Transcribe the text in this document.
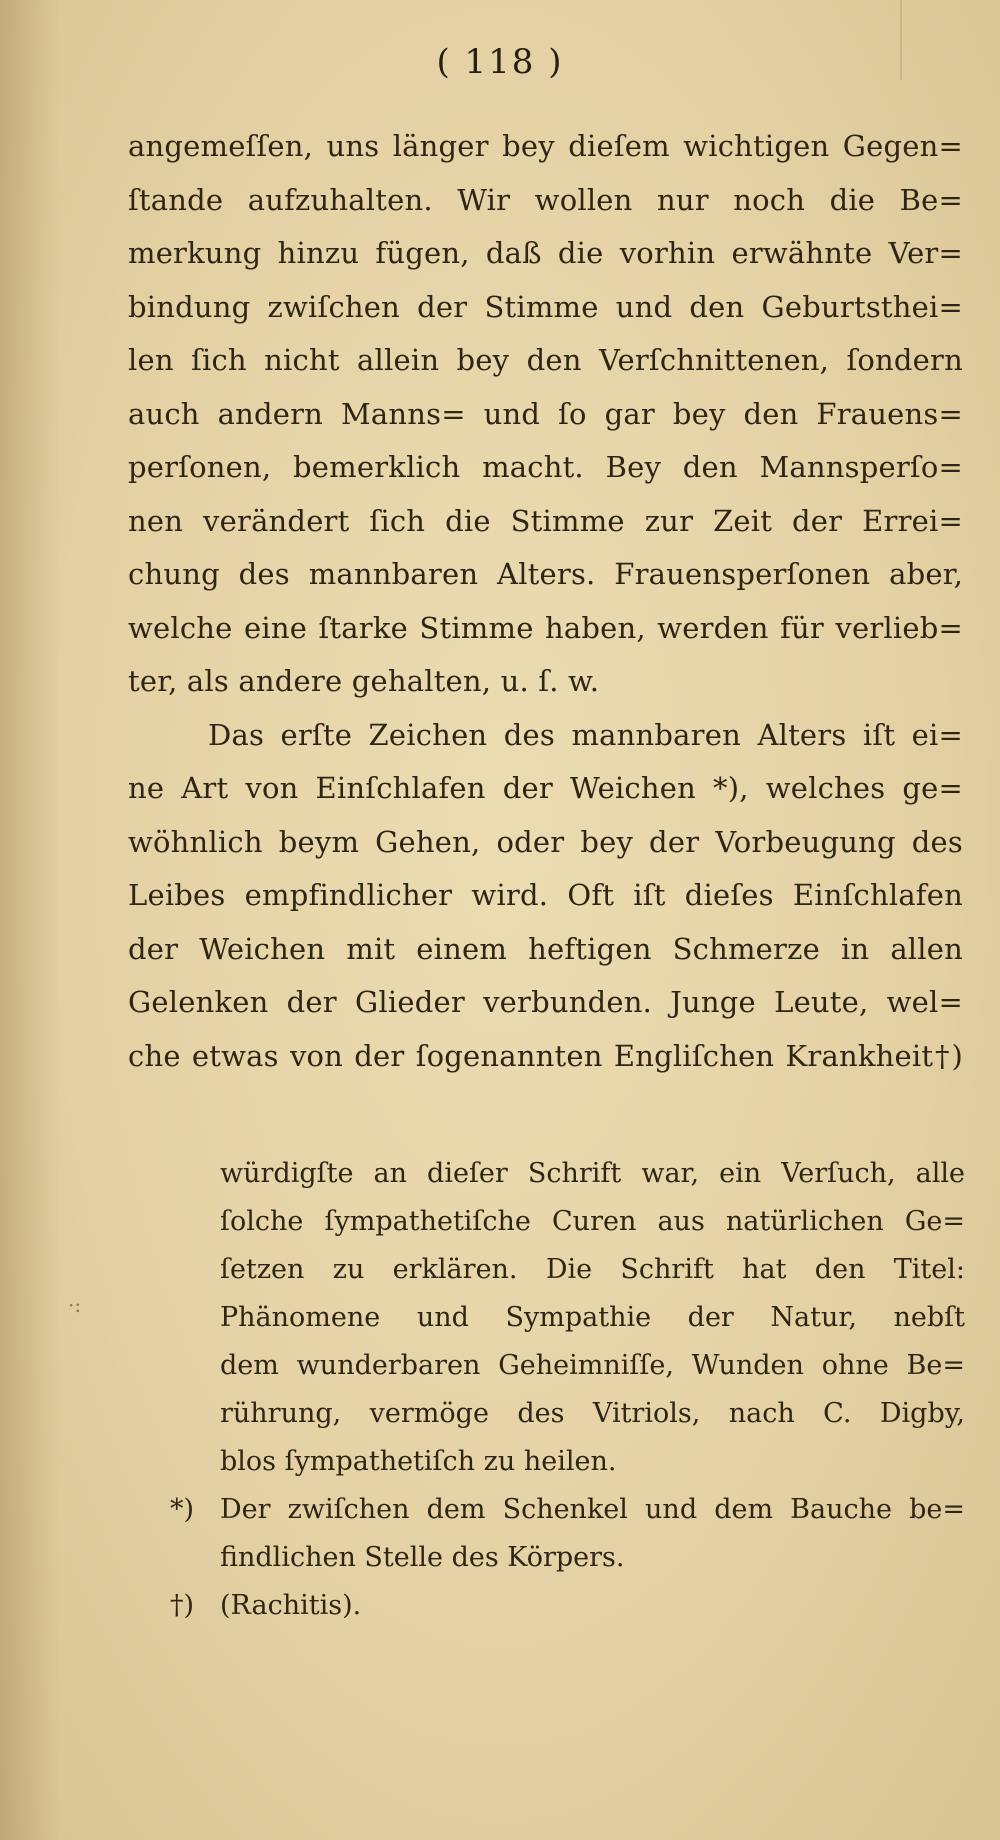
( 118 )
angemeſſen, uns länger bey dieſem wichtigen Gegen=
ſtande aufzuhalten. Wir wollen nur noch die Be=
merkung hinzu fügen, daß die vorhin erwähnte Ver=
bindung zwiſchen der Stimme und den Geburtsthei=
len ſich nicht allein bey den Verſchnittenen, ſondern
auch andern Manns= und ſo gar bey den Frauens=
perſonen, bemerklich macht. Bey den Mannsperſo=
nen verändert ſich die Stimme zur Zeit der Errei=
chung des mannbaren Alters. Frauensperſonen aber,
welche eine ſtarke Stimme haben, werden für verlieb=
ter, als andere gehalten, u. ſ. w.
Das erſte Zeichen des mannbaren Alters iſt ei=
ne Art von Einſchlafen der Weichen *), welches ge=
wöhnlich beym Gehen, oder bey der Vorbeugung des
Leibes empfindlicher wird. Oft iſt dieſes Einſchlafen
der Weichen mit einem heftigen Schmerze in allen
Gelenken der Glieder verbunden. Junge Leute, wel=
che etwas von der ſogenannten Engliſchen Krankheit†)
·:
würdigſte an dieſer Schrift war, ein Verſuch, alle
ſolche ſympathetiſche Curen aus natürlichen Ge=
ſetzen zu erklären. Die Schrift hat den Titel:
Phänomene und Sympathie der Natur, nebſt
dem wunderbaren Geheimniſſe, Wunden ohne Be=
rührung, vermöge des Vitriols, nach C. Digby,
blos ſympathetiſch zu heilen.
*) Der zwiſchen dem Schenkel und dem Bauche be=
findlichen Stelle des Körpers.
†) (Rachitis).
